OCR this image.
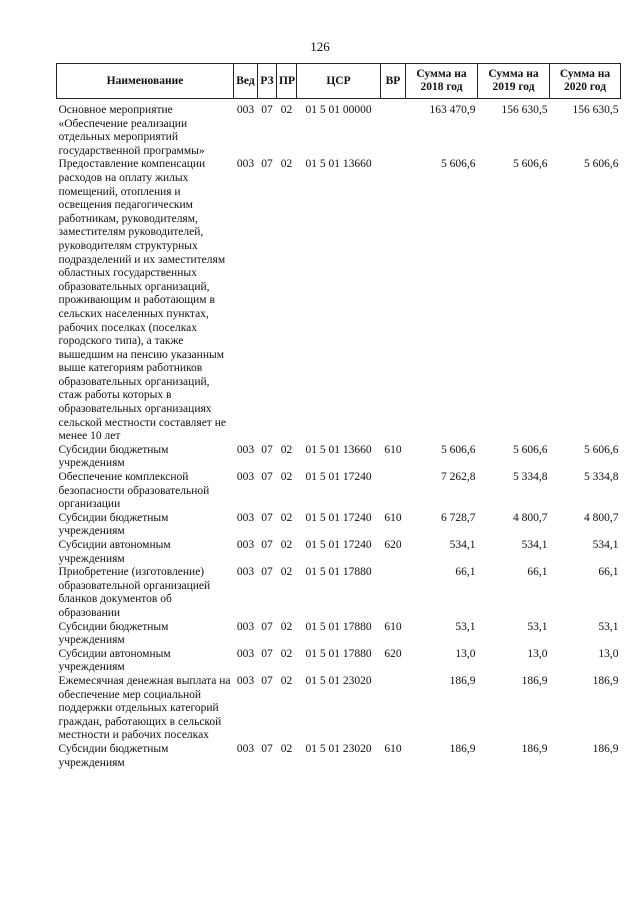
126
Наименование	Вед	РЗ	ПР	ЦСР	ВР	Сумма на 2018 год	Сумма на 2019 год	Сумма на 2020 год
Основное мероприятие «Обеспечение реализации отдельных мероприятий государственной программы»	003	07	02	01 5 01 00000		163 470,9	156 630,5	156 630,5
Предоставление компенсации расходов на оплату жилых помещений, отопления и освещения педагогическим работникам, руководителям, заместителям руководителей, руководителям структурных подразделений и их заместителям областных государственных образовательных организаций, проживающим и работающим в сельских населенных пунктах, рабочих поселках (поселках городского типа), а также вышедшим на пенсию указанным выше категориям работников образовательных организаций, стаж работы которых в образовательных организациях сельской местности составляет не менее 10 лет	003	07	02	01 5 01 13660		5 606,6	5 606,6	5 606,6
Субсидии бюджетным учреждениям	003	07	02	01 5 01 13660	610	5 606,6	5 606,6	5 606,6
Обеспечение комплексной безопасности образовательной организации	003	07	02	01 5 01 17240		7 262,8	5 334,8	5 334,8
Субсидии бюджетным учреждениям	003	07	02	01 5 01 17240	610	6 728,7	4 800,7	4 800,7
Субсидии автономным учреждениям	003	07	02	01 5 01 17240	620	534,1	534,1	534,1
Приобретение (изготовление) образовательной организацией бланков документов об образовании	003	07	02	01 5 01 17880		66,1	66,1	66,1
Субсидии бюджетным учреждениям	003	07	02	01 5 01 17880	610	53,1	53,1	53,1
Субсидии автономным учреждениям	003	07	02	01 5 01 17880	620	13,0	13,0	13,0
Ежемесячная денежная выплата на обеспечение мер социальной поддержки отдельных категорий граждан, работающих в сельской местности и рабочих поселках	003	07	02	01 5 01 23020		186,9	186,9	186,9
Субсидии бюджетным учреждениям	003	07	02	01 5 01 23020	610	186,9	186,9	186,9
